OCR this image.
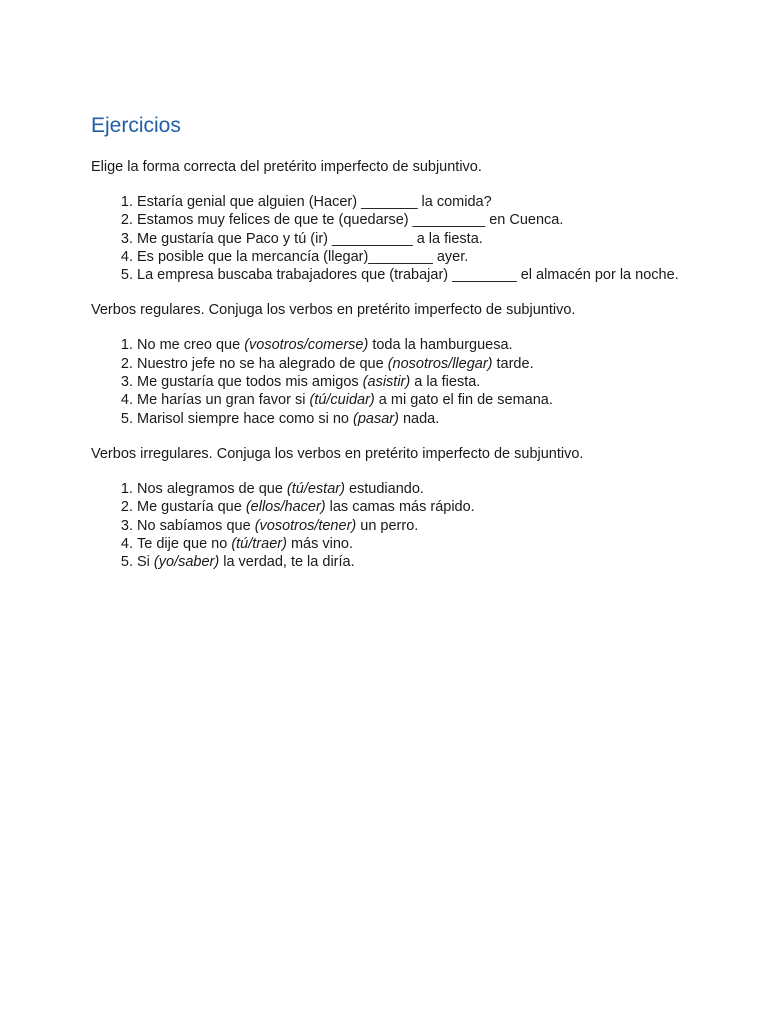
Ejercicios

Elige la forma correcta del pretérito imperfecto de subjuntivo.

1. Estaría genial que alguien (Hacer) _______ la comida?
2. Estamos muy felices de que te (quedarse) _________ en Cuenca.
3. Me gustaría que Paco y tú (ir) __________ a la fiesta.
4. Es posible que la mercancía (llegar)________ ayer.
5. La empresa buscaba trabajadores que (trabajar) ________ el almacén por la noche.

Verbos regulares. Conjuga los verbos en pretérito imperfecto de subjuntivo.

1. No me creo que (vosotros/comerse) toda la hamburguesa.
2. Nuestro jefe no se ha alegrado de que (nosotros/llegar) tarde.
3. Me gustaría que todos mis amigos (asistir) a la fiesta.
4. Me harías un gran favor si (tú/cuidar) a mi gato el fin de semana.
5. Marisol siempre hace como si no (pasar) nada.

Verbos irregulares. Conjuga los verbos en pretérito imperfecto de subjuntivo.

1. Nos alegramos de que (tú/estar) estudiando.
2. Me gustaría que (ellos/hacer) las camas más rápido.
3. No sabíamos que (vosotros/tener) un perro.
4. Te dije que no (tú/traer) más vino.
5. Si (yo/saber) la verdad, te la diría.
